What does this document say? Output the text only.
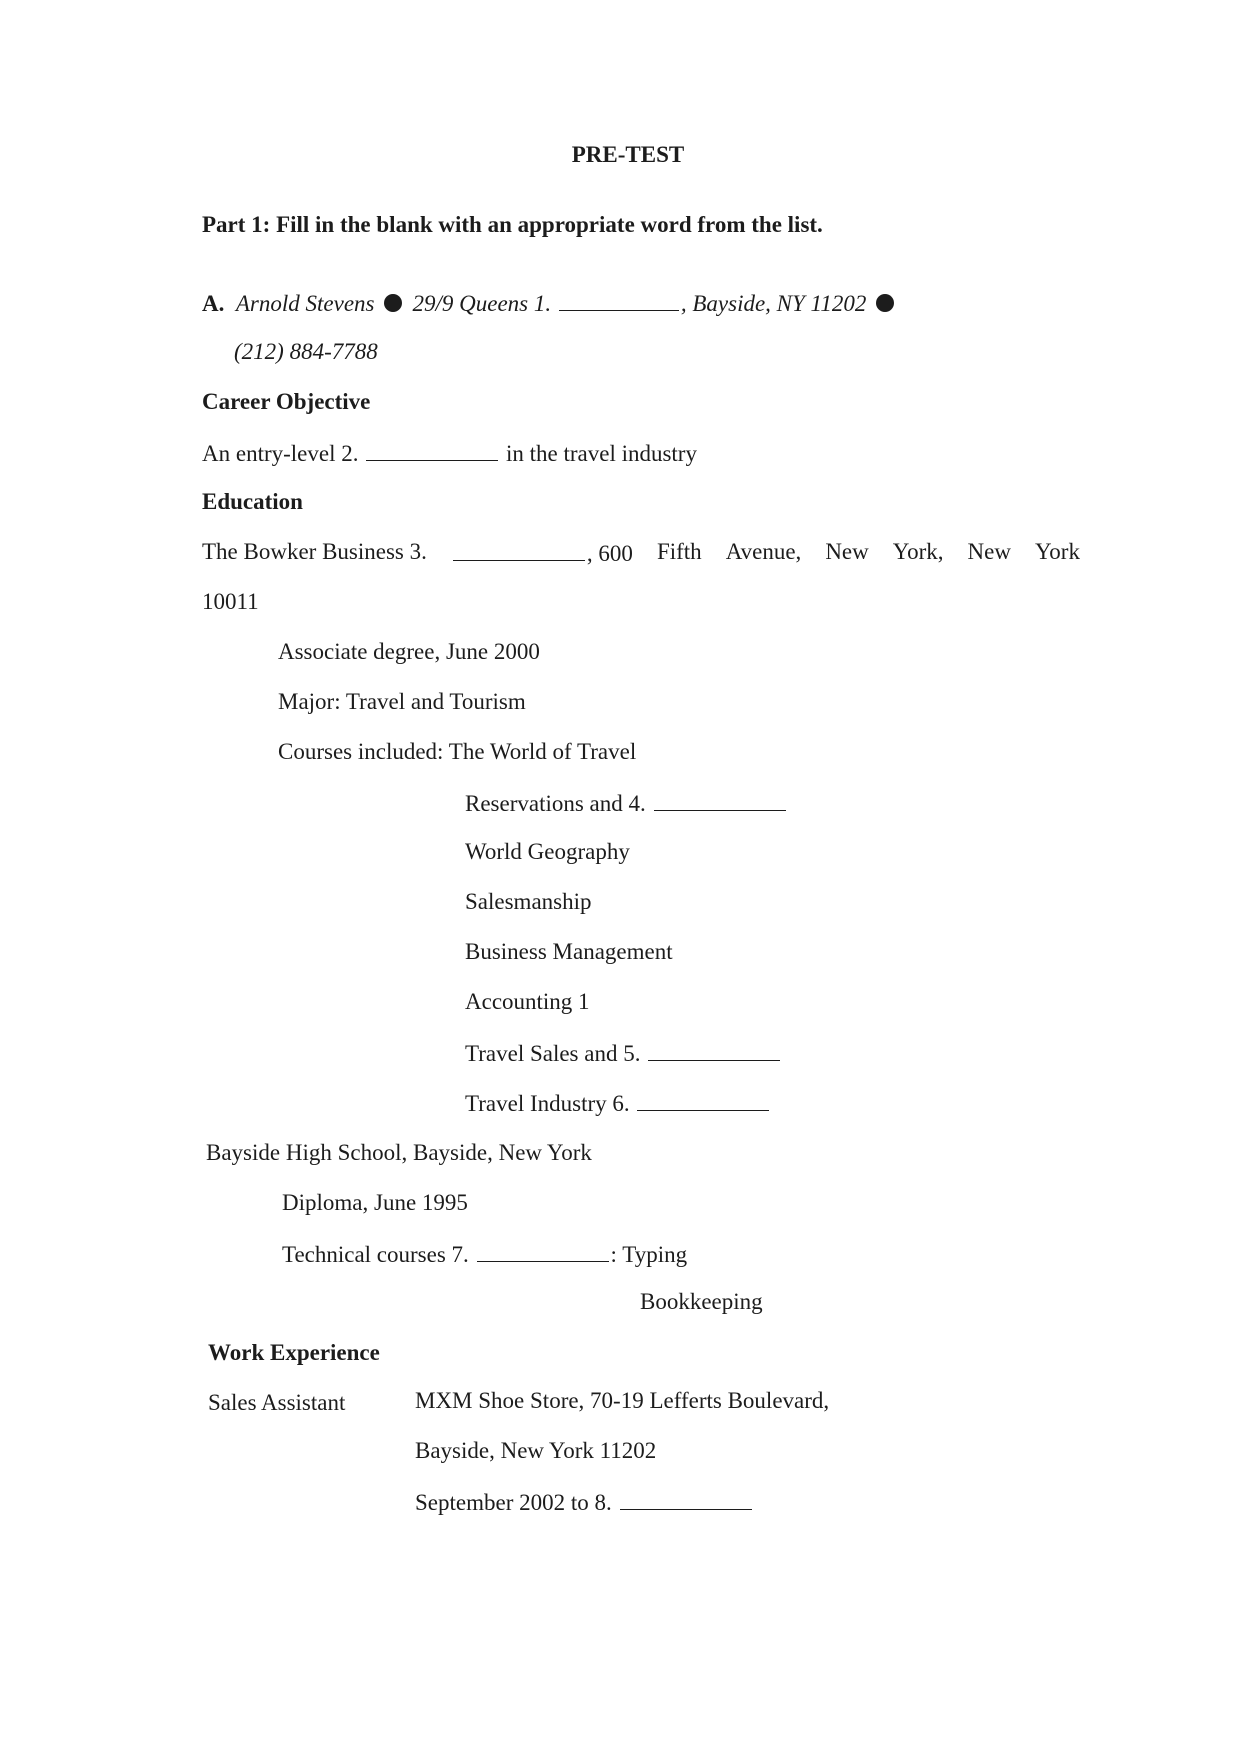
PRE-TEST
Part 1: Fill in the blank with an appropriate word from the list.
A. Arnold Stevens 29/9 Queens 1.	, Bayside, NY 11202
(212) 884-7788
Career Objective
An entry-level 2.	in the travel industry
Education
The Bowker Business 3.	, 600 Fifth Avenue, New York, New York
10011
Associate degree, June 2000
Major: Travel and Tourism
Courses included: The World of Travel
Reservations and 4.
World Geography
Salesmanship
Business Management
Accounting 1
Travel Sales and 5.
Travel Industry 6.
Bayside High School, Bayside, New York
Diploma, June 1995
Technical courses 7.	: Typing
Bookkeeping
Work Experience
Sales Assistant	MXM Shoe Store, 70-19 Lefferts Boulevard,
Bayside, New York 11202
September 2002 to 8.
